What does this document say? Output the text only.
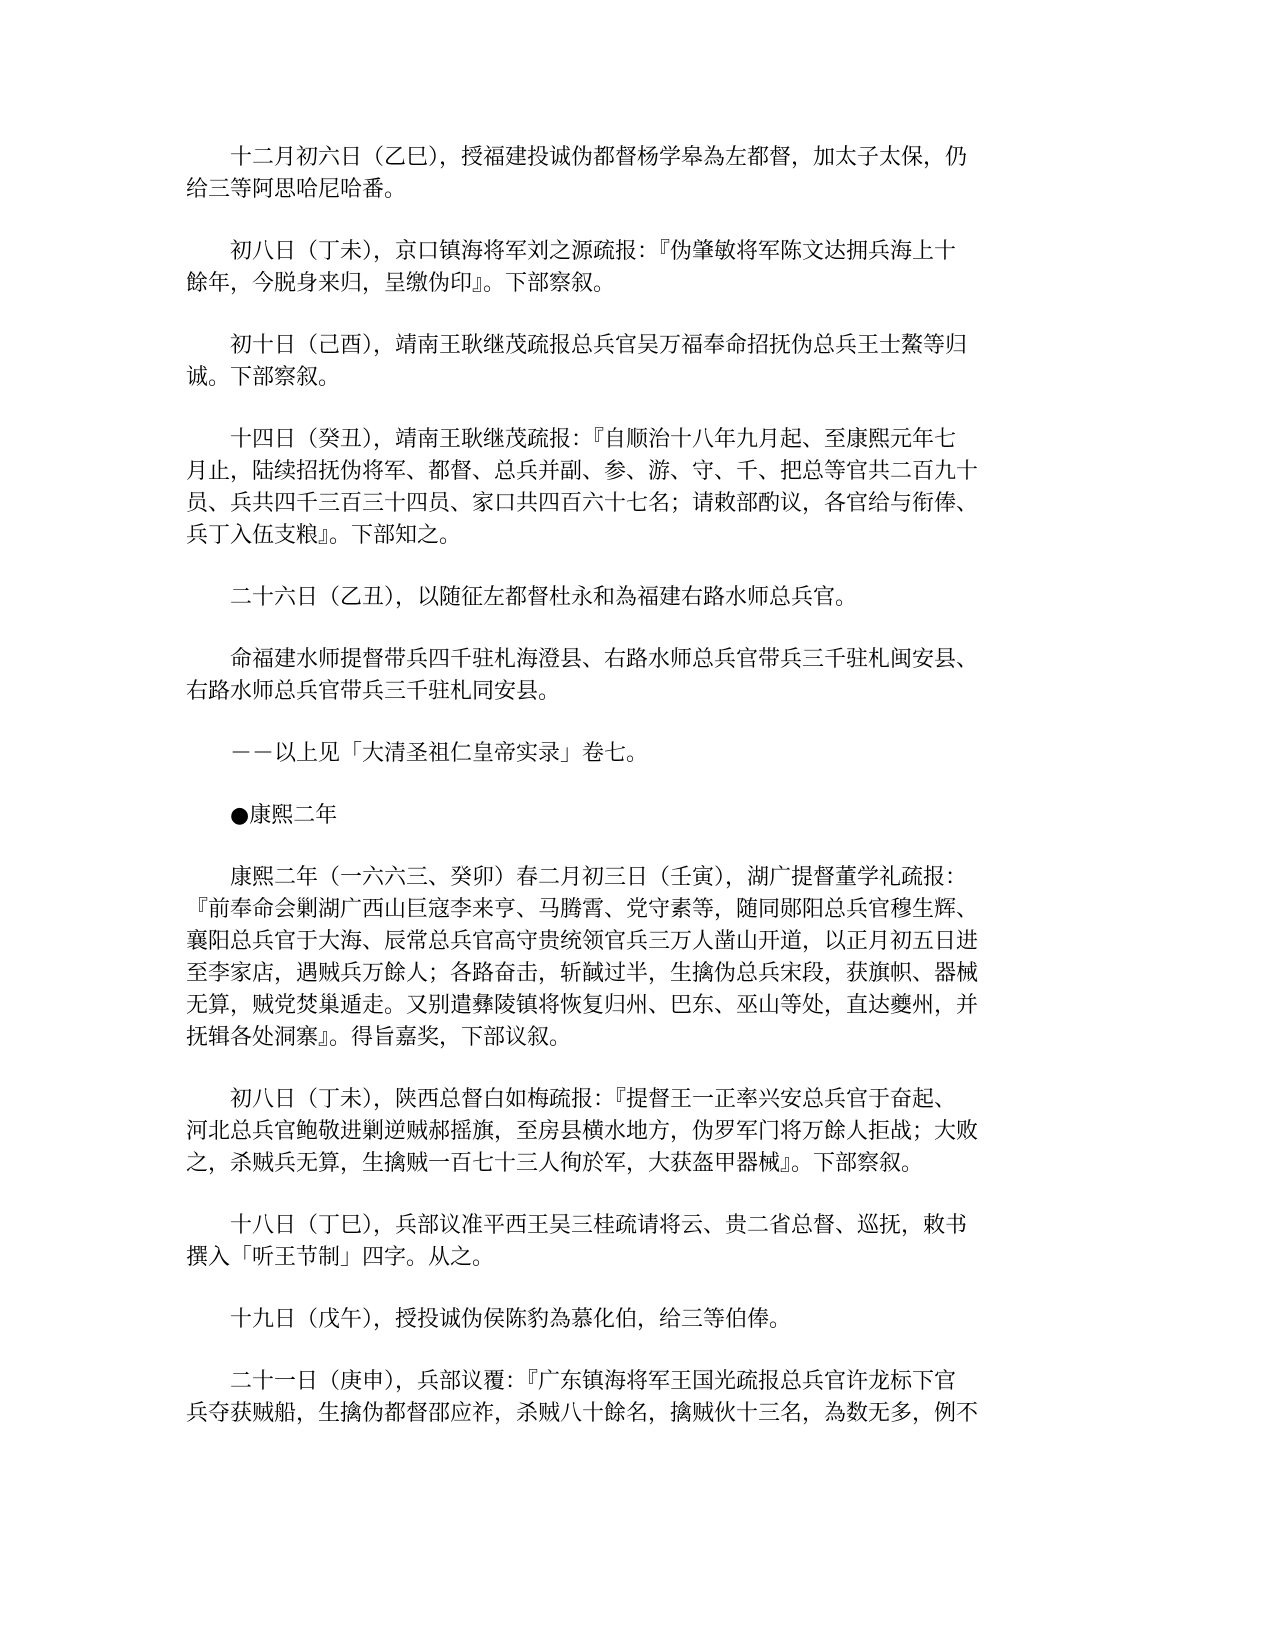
　　十二月初六日（乙巳），授福建投诚伪都督杨学皋為左都督，加太子太保，仍
给三等阿思哈尼哈番。
　　初八日（丁未），京口镇海将军刘之源疏报：『伪肇敏将军陈文达拥兵海上十
餘年，今脱身来归，呈缴伪印』。下部察叙。
　　初十日（己酉），靖南王耿继茂疏报总兵官吴万福奉命招抚伪总兵王士鰲等归
诚。下部察叙。
　　十四日（癸丑），靖南王耿继茂疏报：『自顺治十八年九月起、至康熙元年七
月止，陆续招抚伪将军、都督、总兵并副、参、游、守、千、把总等官共二百九十
员、兵共四千三百三十四员、家口共四百六十七名；请敕部酌议，各官给与衔俸、
兵丁入伍支粮』。下部知之。
　　二十六日（乙丑），以随征左都督杜永和為福建右路水师总兵官。
　　命福建水师提督带兵四千驻札海澄县、右路水师总兵官带兵三千驻札闽安县、
右路水师总兵官带兵三千驻札同安县。
　　－－以上见「大清圣祖仁皇帝实录」卷七。
　　●康熙二年
　　康熙二年（一六六三、癸卯）春二月初三日（壬寅），湖广提督董学礼疏报：
『前奉命会剿湖广西山巨寇李来亨、马腾霄、党守素等，随同郧阳总兵官穆生辉、
襄阳总兵官于大海、辰常总兵官高守贵统领官兵三万人凿山开道，以正月初五日进
至李家店，遇贼兵万餘人；各路奋击，斩馘过半，生擒伪总兵宋段，获旗帜、器械
无算，贼党焚巢遁走。又别遣彝陵镇将恢复归州、巴东、巫山等处，直达夔州，并
抚辑各处洞寨』。得旨嘉奖，下部议叙。
　　初八日（丁未），陕西总督白如梅疏报：『提督王一正率兴安总兵官于奋起、
河北总兵官鲍敬进剿逆贼郝摇旗，至房县横水地方，伪罗军门将万餘人拒战；大败
之，杀贼兵无算，生擒贼一百七十三人徇於军，大获盔甲器械』。下部察叙。
　　十八日（丁巳），兵部议准平西王吴三桂疏请将云、贵二省总督、巡抚，敕书
撰入「听王节制」四字。从之。
　　十九日（戊午），授投诚伪侯陈豹為慕化伯，给三等伯俸。
　　二十一日（庚申），兵部议覆：『广东镇海将军王国光疏报总兵官许龙标下官
兵夺获贼船，生擒伪都督邵应祚，杀贼八十餘名，擒贼伙十三名，為数无多，例不
